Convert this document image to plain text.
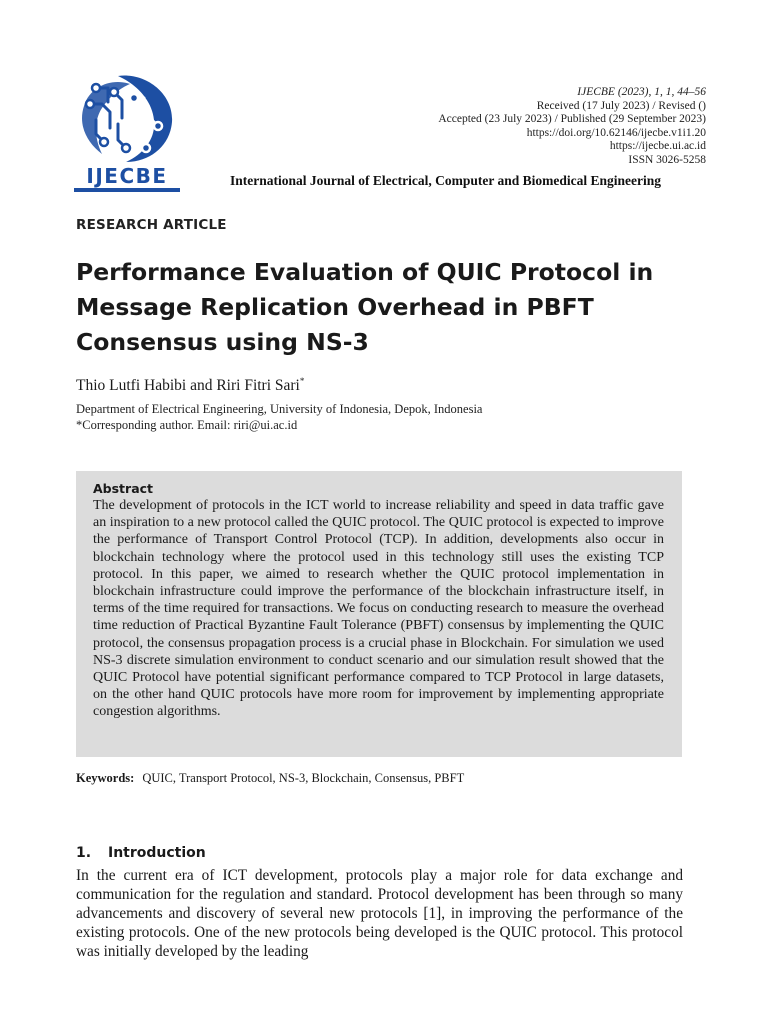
IJECBE
IJECBE (2023), 1, 1, 44–56
Received (17 July 2023) / Revised ()
Accepted (23 July 2023) / Published (29 September 2023)
https://doi.org/10.62146/ijecbe.v1i1.20
https://ijecbe.ui.ac.id
ISSN 3026-5258
International Journal of Electrical, Computer and Biomedical Engineering
RESEARCH ARTICLE
Performance Evaluation of QUIC Protocol in Message Replication Overhead in PBFT Consensus using NS-3
Thio Lutfi Habibi and Riri Fitri Sari*
Department of Electrical Engineering, University of Indonesia, Depok, Indonesia
*Corresponding author. Email: riri@ui.ac.id
Abstract

The development of protocols in the ICT world to increase reliability and speed in data traffic gave an inspiration to a new protocol called the QUIC protocol. The QUIC protocol is expected to improve the performance of Transport Control Protocol (TCP). In addition, developments also occur in blockchain technology where the protocol used in this technology still uses the existing TCP protocol. In this paper, we aimed to research whether the QUIC protocol implementation in blockchain infrastructure could improve the performance of the blockchain infrastructure itself, in terms of the time required for transactions. We focus on conducting research to measure the overhead time reduction of Practical Byzantine Fault Tolerance (PBFT) consensus by implementing the QUIC protocol, the consensus propagation process is a crucial phase in Blockchain. For simulation we used NS-3 discrete simulation environment to conduct scenario and our simulation result showed that the QUIC Protocol have potential significant performance compared to TCP Protocol in large datasets, on the other hand QUIC protocols have more room for improvement by implementing appropriate congestion algorithms.

Keywords: QUIC, Transport Protocol, NS-3, Blockchain, Consensus, PBFT
1. Introduction

In the current era of ICT development, protocols play a major role for data exchange and communication for the regulation and standard. Protocol development has been through so many advancements and discovery of several new protocols [1], in improving the performance of the existing protocols. One of the new protocols being developed is the QUIC protocol. This protocol was initially developed by the leading
